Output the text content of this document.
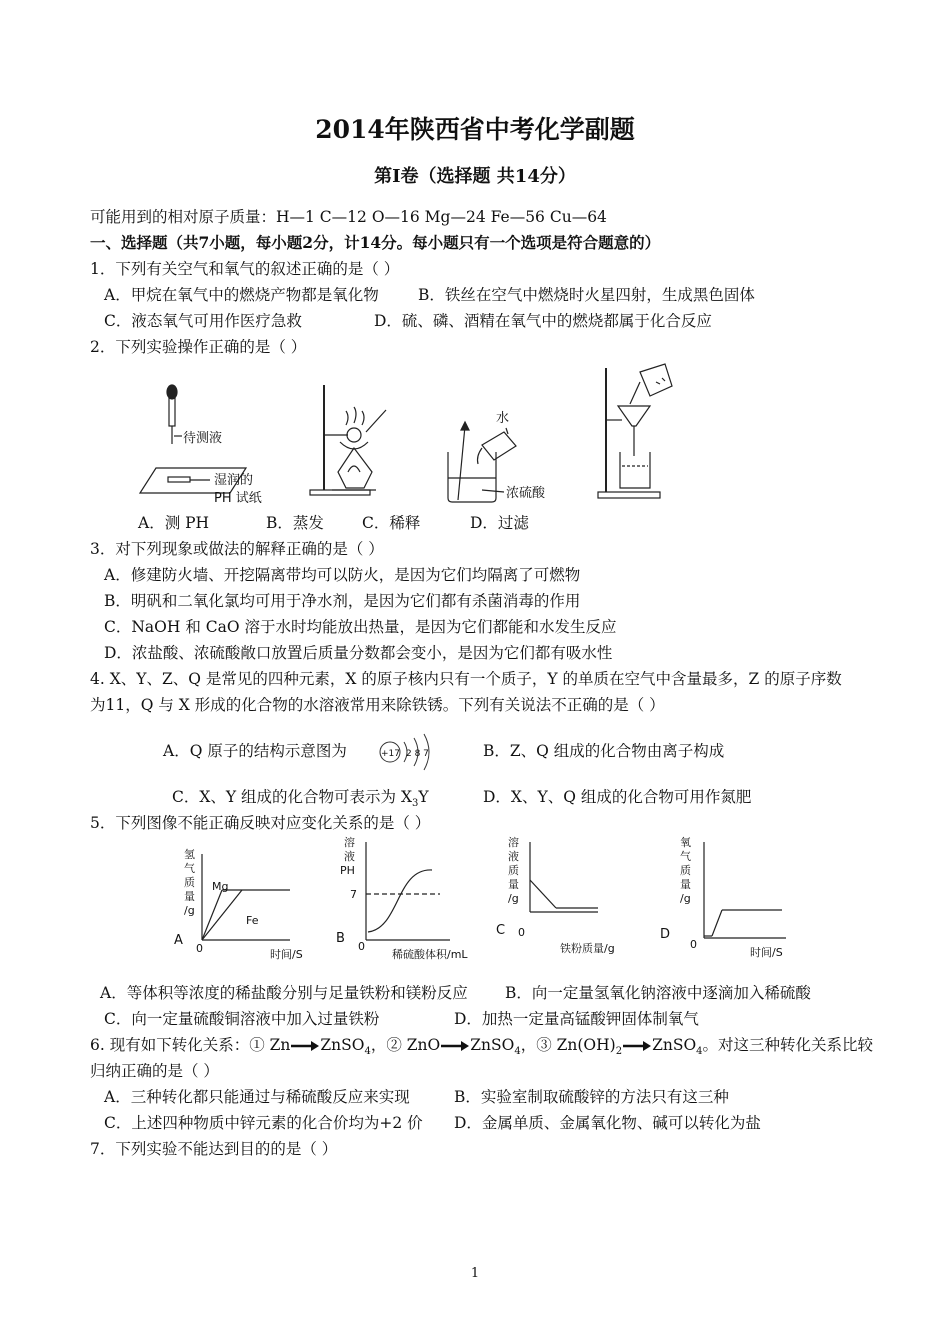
2014年陕西省中考化学副题
第Ⅰ卷（选择题 共14分）
可能用到的相对原子质量：H—1 C—12 O—16 Mg—24 Fe—56 Cu—64
一、选择题（共7小题，每小题2分，计14分。每小题只有一个选项是符合题意的）
1．下列有关空气和氧气的叙述正确的是（ ）
A．甲烷在氧气中的燃烧产物都是氧化物	B．铁丝在空气中燃烧时火星四射，生成黑色固体
C．液态氧气可用作医疗急救	D．硫、磷、酒精在氧气中的燃烧都属于化合反应
2．下列实验操作正确的是（ ）
待测液
湿润的
PH 试纸
水
浓硫酸
A．测 PH	B．蒸发 C．稀释	D．过滤
3．对下列现象或做法的解释正确的是（ ）
A．修建防火墙、开挖隔离带均可以防火，是因为它们均隔离了可燃物
B．明矾和二氧化氯均可用于净水剂，是因为它们都有杀菌消毒的作用
C．NaOH 和 CaO 溶于水时均能放出热量，是因为它们都能和水发生反应
D．浓盐酸、浓硫酸敞口放置后质量分数都会变小，是因为它们都有吸水性
4. X、Y、Z、Q 是常见的四种元素，X 的原子核内只有一个质子，Y 的单质在空气中含量最多，Z 的原子序数
为11，Q 与 X 形成的化合物的水溶液常用来除铁锈。下列有关说法不正确的是（ ）
A．Q 原子的结构示意图为	+17 2 8 7	B．Z、Q 组成的化合物由离子构成
C．X、Y 组成的化合物可表示为 $X_3Y$	D．X、Y、Q 组成的化合物可用作氮肥
5．下列图像不能正确反映对应变化关系的是（ ）
氢
气
质
量
/g
Mg
Fe
A
0	时间/S
溶
液
PH
7
B
0
稀硫酸体积/mL
溶
液
质
量
/g
C 0
铁粉质量/g
氧
气
质
量
/g
D
0
时间/S
A．等体积等浓度的稀盐酸分别与足量铁粉和镁粉反应 B．向一定量氢氧化钠溶液中逐滴加入稀硫酸
C．向一定量硫酸铜溶液中加入过量铁粉	D．加热一定量高锰酸钾固体制氧气
6. 现有如下转化关系：① Zn→ZnSO$_4$，② ZnO→ZnSO$_4$，③ $Zn(OH)_2$ →ZnSO$_4$。对这三种转化关系比较
归纳正确的是（ ）
A．三种转化都只能通过与稀硫酸反应来实现	B．实验室制取硫酸锌的方法只有这三种
C．上述四种物质中锌元素的化合价均为+2 价 D．金属单质、金属氧化物、碱可以转化为盐
7．下列实验不能达到目的的是（ ）
1
